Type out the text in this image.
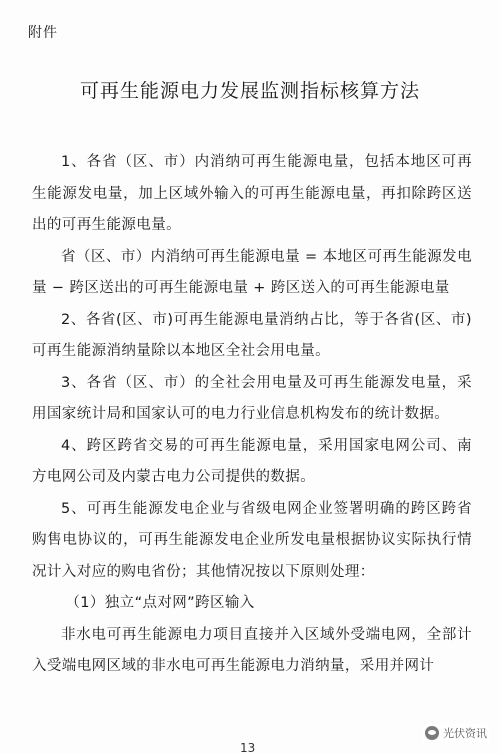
附件
可再生能源电力发展监测指标核算方法

1、各省（区、市）内消纳可再生能源电量，包括本地区可再生能源发电量，加上区域外输入的可再生能源电量，再扣除跨区送出的可再生能源电量。

省（区、市）内消纳可再生能源电量 = 本地区可再生能源发电量 − 跨区送出的可再生能源电量 + 跨区送入的可再生能源电量

2、各省(区、市)可再生能源电量消纳占比，等于各省(区、市)可再生能源消纳量除以本地区全社会用电量。

3、各省（区、市）的全社会用电量及可再生能源发电量，采用国家统计局和国家认可的电力行业信息机构发布的统计数据。

4、跨区跨省交易的可再生能源电量，采用国家电网公司、南方电网公司及内蒙古电力公司提供的数据。

5、可再生能源发电企业与省级电网企业签署明确的跨区跨省购售电协议的，可再生能源发电企业所发电量根据协议实际执行情况计入对应的购电省份；其他情况按以下原则处理：

（1）独立“点对网”跨区输入

非水电可再生能源电力项目直接并入区域外受端电网，全部计入受端电网区域的非水电可再生能源电力消纳量，采用并网计

13
光伏资讯
